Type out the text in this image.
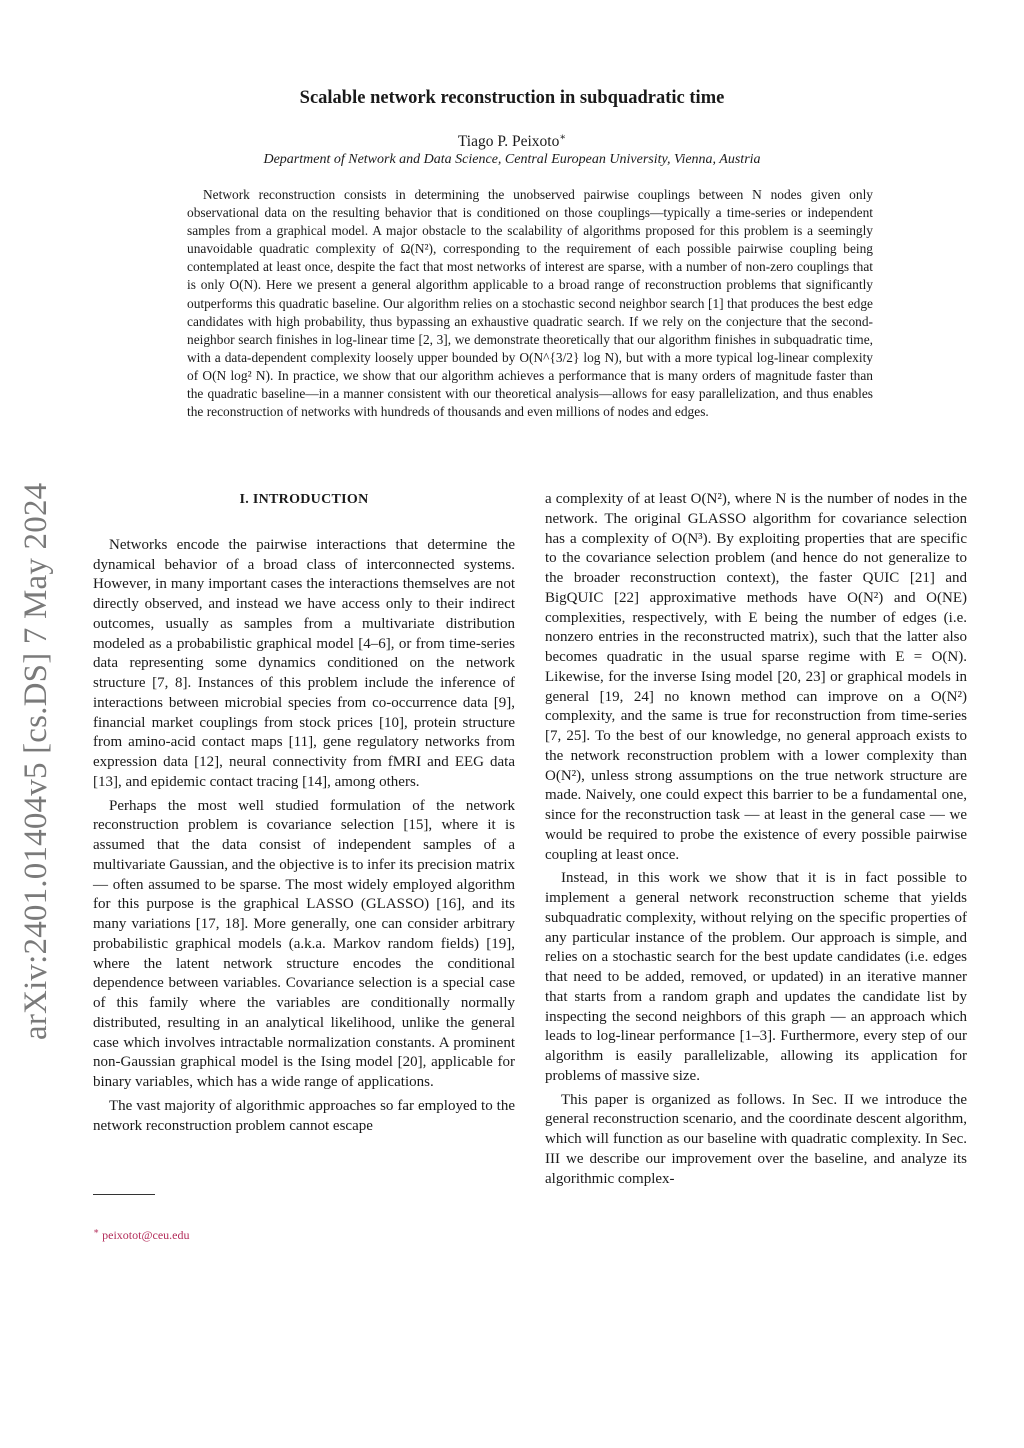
arXiv:2401.01404v5 [cs.DS] 7 May 2024
Scalable network reconstruction in subquadratic time
Tiago P. Peixoto∗
Department of Network and Data Science, Central European University, Vienna, Austria
Network reconstruction consists in determining the unobserved pairwise couplings between N nodes given only observational data on the resulting behavior that is conditioned on those couplings—typically a time-series or independent samples from a graphical model. A major obstacle to the scalability of algorithms proposed for this problem is a seemingly unavoidable quadratic complexity of Ω(N²), corresponding to the requirement of each possible pairwise coupling being contemplated at least once, despite the fact that most networks of interest are sparse, with a number of non-zero couplings that is only O(N). Here we present a general algorithm applicable to a broad range of reconstruction problems that significantly outperforms this quadratic baseline. Our algorithm relies on a stochastic second neighbor search [1] that produces the best edge candidates with high probability, thus bypassing an exhaustive quadratic search. If we rely on the conjecture that the second-neighbor search finishes in log-linear time [2, 3], we demonstrate theoretically that our algorithm finishes in subquadratic time, with a data-dependent complexity loosely upper bounded by O(N^{3/2} log N), but with a more typical log-linear complexity of O(N log² N). In practice, we show that our algorithm achieves a performance that is many orders of magnitude faster than the quadratic baseline—in a manner consistent with our theoretical analysis—allows for easy parallelization, and thus enables the reconstruction of networks with hundreds of thousands and even millions of nodes and edges.
I. INTRODUCTION

Networks encode the pairwise interactions that determine the dynamical behavior of a broad class of interconnected systems. However, in many important cases the interactions themselves are not directly observed, and instead we have access only to their indirect outcomes, usually as samples from a multivariate distribution modeled as a probabilistic graphical model [4–6], or from time-series data representing some dynamics conditioned on the network structure [7, 8]. Instances of this problem include the inference of interactions between microbial species from co-occurrence data [9], financial market couplings from stock prices [10], protein structure from amino-acid contact maps [11], gene regulatory networks from expression data [12], neural connectivity from fMRI and EEG data [13], and epidemic contact tracing [14], among others.

Perhaps the most well studied formulation of the network reconstruction problem is covariance selection [15], where it is assumed that the data consist of independent samples of a multivariate Gaussian, and the objective is to infer its precision matrix — often assumed to be sparse. The most widely employed algorithm for this purpose is the graphical LASSO (GLASSO) [16], and its many variations [17, 18]. More generally, one can consider arbitrary probabilistic graphical models (a.k.a. Markov random fields) [19], where the latent network structure encodes the conditional dependence between variables. Covariance selection is a special case of this family where the variables are conditionally normally distributed, resulting in an analytical likelihood, unlike the general case which involves intractable normalization constants. A prominent non-Gaussian graphical model is the Ising model [20], applicable for binary variables, which has a wide range of applications.

The vast majority of algorithmic approaches so far employed to the network reconstruction problem cannot escape

a complexity of at least O(N²), where N is the number of nodes in the network. The original GLASSO algorithm for covariance selection has a complexity of O(N³). By exploiting properties that are specific to the covariance selection problem (and hence do not generalize to the broader reconstruction context), the faster QUIC [21] and BigQUIC [22] approximative methods have O(N²) and O(NE) complexities, respectively, with E being the number of edges (i.e. nonzero entries in the reconstructed matrix), such that the latter also becomes quadratic in the usual sparse regime with E = O(N). Likewise, for the inverse Ising model [20, 23] or graphical models in general [19, 24] no known method can improve on a O(N²) complexity, and the same is true for reconstruction from time-series [7, 25]. To the best of our knowledge, no general approach exists to the network reconstruction problem with a lower complexity than O(N²), unless strong assumptions on the true network structure are made. Naively, one could expect this barrier to be a fundamental one, since for the reconstruction task — at least in the general case — we would be required to probe the existence of every possible pairwise coupling at least once.

Instead, in this work we show that it is in fact possible to implement a general network reconstruction scheme that yields subquadratic complexity, without relying on the specific properties of any particular instance of the problem. Our approach is simple, and relies on a stochastic search for the best update candidates (i.e. edges that need to be added, removed, or updated) in an iterative manner that starts from a random graph and updates the candidate list by inspecting the second neighbors of this graph — an approach which leads to log-linear performance [1–3]. Furthermore, every step of our algorithm is easily parallelizable, allowing its application for problems of massive size.

This paper is organized as follows. In Sec. II we introduce the general reconstruction scenario, and the coordinate descent algorithm, which will function as our baseline with quadratic complexity. In Sec. III we describe our improvement over the baseline, and analyze its algorithmic complex-

∗ peixotot@ceu.edu
